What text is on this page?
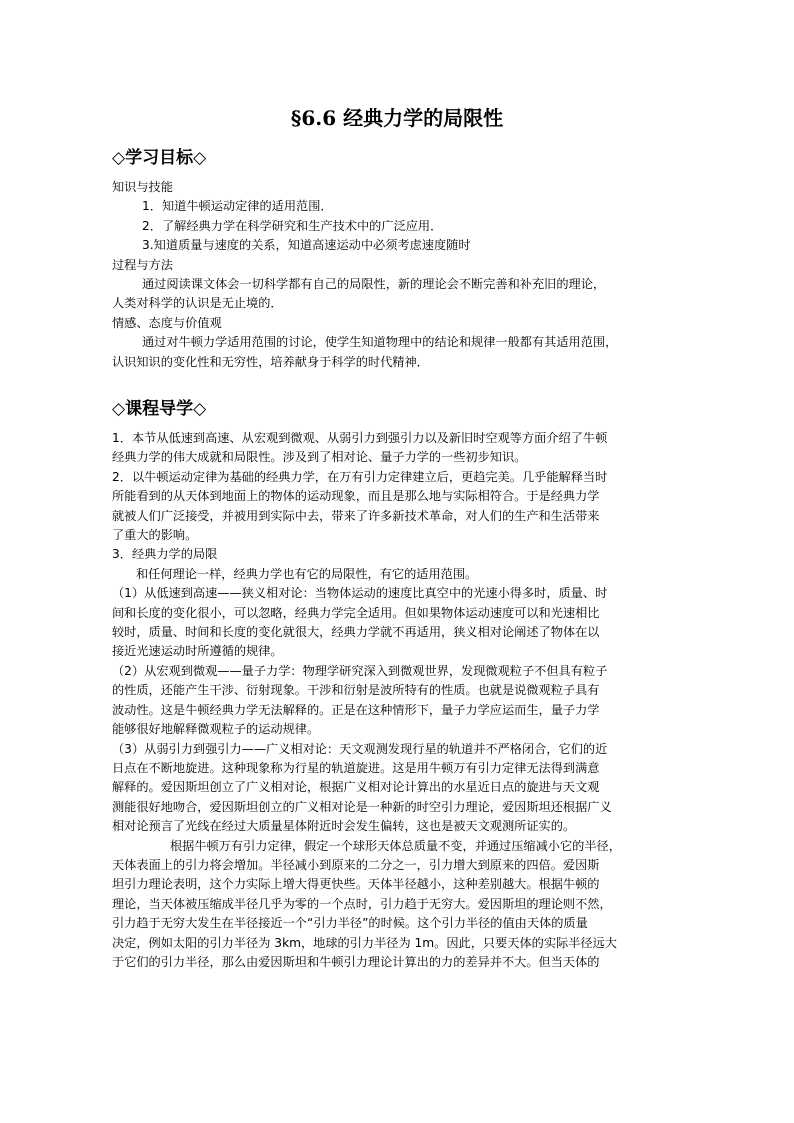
§6.6 经典力学的局限性
◇学习目标◇
知识与技能
1．知道牛顿运动定律的适用范围．
2．了解经典力学在科学研究和生产技术中的广泛应用．
3.知道质量与速度的关系，知道高速运动中必须考虑速度随时
过程与方法
通过阅读课文体会一切科学都有自己的局限性，新的理论会不断完善和补充旧的理论，
人类对科学的认识是无止境的．
情感、态度与价值观
通过对牛顿力学适用范围的讨论，使学生知道物理中的结论和规律一般都有其适用范围，
认识知识的变化性和无穷性，培养献身于科学的时代精神．
◇课程导学◇
1．本节从低速到高速、从宏观到微观、从弱引力到强引力以及新旧时空观等方面介绍了牛顿
经典力学的伟大成就和局限性。涉及到了相对论、量子力学的一些初步知识。
2．以牛顿运动定律为基础的经典力学，在万有引力定律建立后，更趋完美。几乎能解释当时
所能看到的从天体到地面上的物体的运动现象，而且是那么地与实际相符合。于是经典力学
就被人们广泛接受，并被用到实际中去，带来了许多新技术革命，对人们的生产和生活带来
了重大的影响。
3．经典力学的局限
和任何理论一样，经典力学也有它的局限性，有它的适用范围。
（1）从低速到高速——狭义相对论：当物体运动的速度比真空中的光速小得多时，质量、时
间和长度的变化很小，可以忽略，经典力学完全适用。但如果物体运动速度可以和光速相比
较时，质量、时间和长度的变化就很大，经典力学就不再适用，狭义相对论阐述了物体在以
接近光速运动时所遵循的规律。
（2）从宏观到微观——量子力学：物理学研究深入到微观世界，发现微观粒子不但具有粒子
的性质，还能产生干涉、衍射现象。干涉和衍射是波所特有的性质。也就是说微观粒子具有
波动性。这是牛顿经典力学无法解释的。正是在这种情形下，量子力学应运而生，量子力学
能够很好地解释微观粒子的运动规律。
（3）从弱引力到强引力——广义相对论：天文观测发现行星的轨道并不严格闭合，它们的近
日点在不断地旋进。这种现象称为行星的轨道旋进。这是用牛顿万有引力定律无法得到满意
解释的。爱因斯坦创立了广义相对论，根据广义相对论计算出的水星近日点的旋进与天文观
测能很好地吻合，爱因斯坦创立的广义相对论是一种新的时空引力理论，爱因斯坦还根据广义
相对论预言了光线在经过大质量星体附近时会发生偏转，这也是被天文观测所证实的。
根据牛顿万有引力定律，假定一个球形天体总质量不变，并通过压缩减小它的半径，
天体表面上的引力将会增加。半径减小到原来的二分之一，引力增大到原来的四倍。爱因斯
坦引力理论表明，这个力实际上增大得更快些。天体半径越小，这种差别越大。根据牛顿的
理论，当天体被压缩成半径几乎为零的一个点时，引力趋于无穷大。爱因斯坦的理论则不然，
引力趋于无穷大发生在半径接近一个“引力半径”的时候。这个引力半径的值由天体的质量
决定，例如太阳的引力半径为 3km，地球的引力半径为 1m。因此，只要天体的实际半径远大
于它们的引力半径，那么由爱因斯坦和牛顿引力理论计算出的力的差异并不大。但当天体的
